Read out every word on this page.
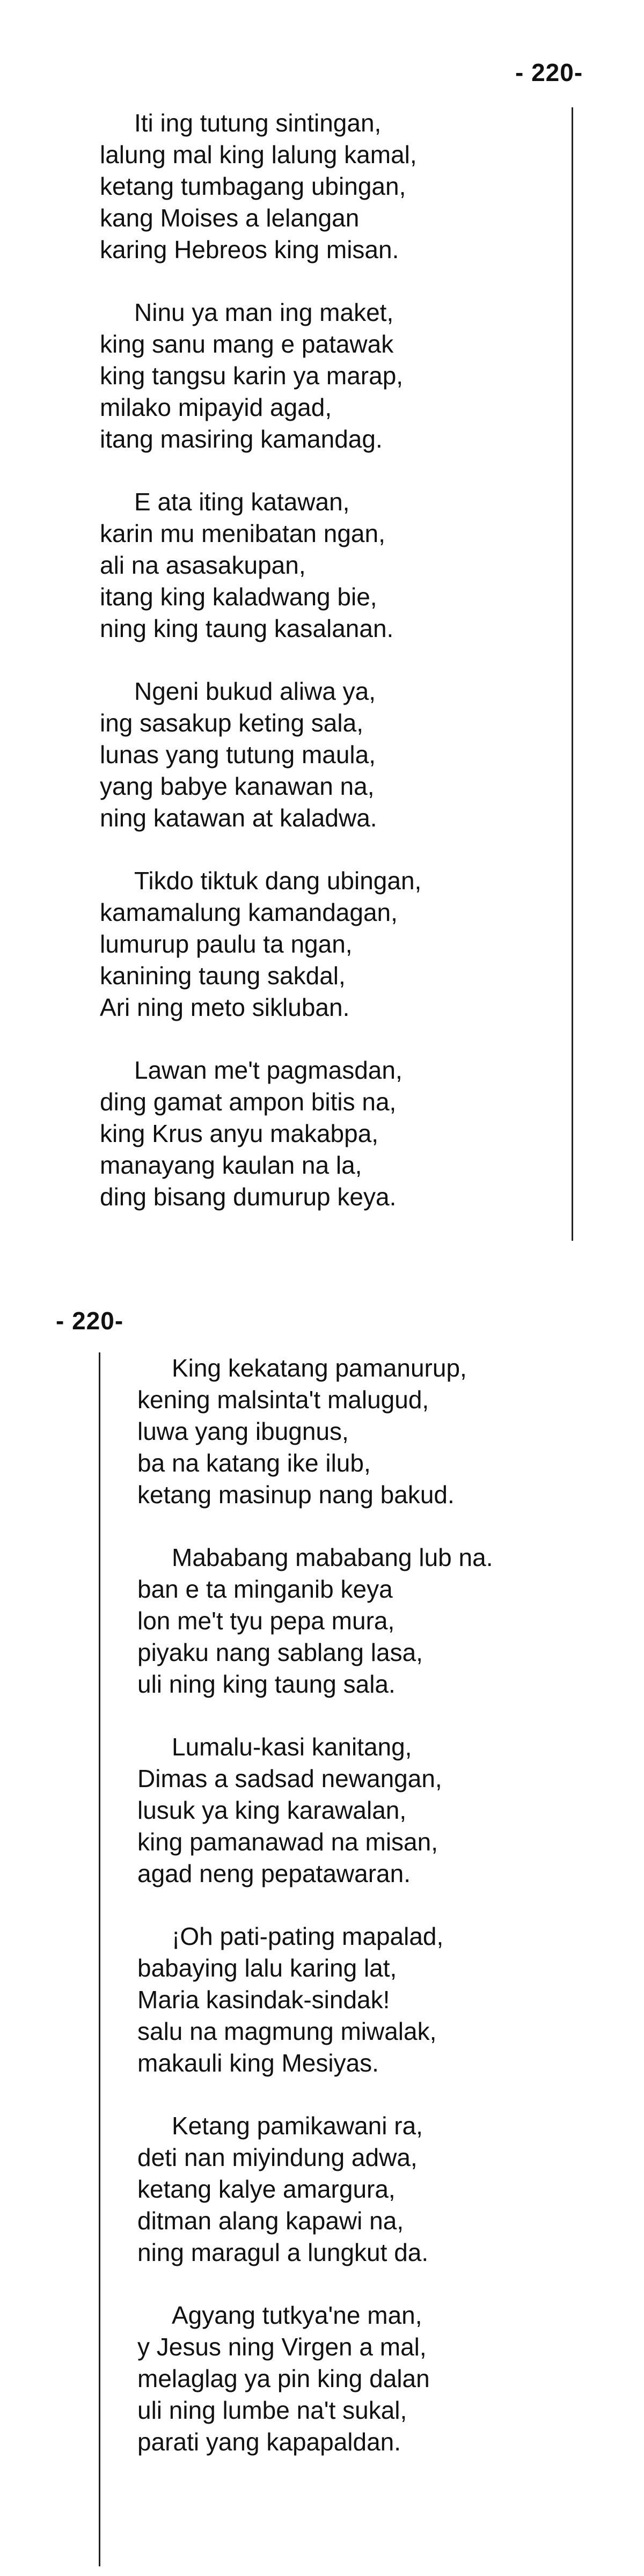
- 220-
Iti ing tutung sintingan,
lalung mal king lalung kamal,
ketang tumbagang ubingan,
kang Moises a lelangan
karing Hebreos king misan.
Ninu ya man ing maket,
king sanu mang e patawak
king tangsu karin ya marap,
milako mipayid agad,
itang masiring kamandag.
E ata iting katawan,
karin mu menibatan ngan,
ali na asasakupan,
itang king kaladwang bie,
ning king taung kasalanan.
Ngeni bukud aliwa ya,
ing sasakup keting sala,
lunas yang tutung maula,
yang babye kanawan na,
ning katawan at kaladwa.
Tikdo tiktuk dang ubingan,
kamamalung kamandagan,
lumurup paulu ta ngan,
kanining taung sakdal,
Ari ning meto sikluban.
Lawan me't pagmasdan,
ding gamat ampon bitis na,
king Krus anyu makabpa,
manayang kaulan na la,
ding bisang dumurup keya.
- 220-
King kekatang pamanurup,
kening malsinta't malugud,
luwa yang ibugnus,
ba na katang ike ilub,
ketang masinup nang bakud.
Mababang mababang lub na.
ban e ta minganib keya
lon me't tyu pepa mura,
piyaku nang sablang lasa,
uli ning king taung sala.
Lumalu-kasi kanitang,
Dimas a sadsad newangan,
lusuk ya king karawalan,
king pamanawad na misan,
agad neng pepatawaran.
¡Oh pati-pating mapalad,
babaying lalu karing lat,
Maria kasindak-sindak!
salu na magmung miwalak,
makauli king Mesiyas.
Ketang pamikawani ra,
deti nan miyindung adwa,
ketang kalye amargura,
ditman alang kapawi na,
ning maragul a lungkut da.
Agyang tutkya'ne man,
y Jesus ning Virgen a mal,
melaglag ya pin king dalan
uli ning lumbe na't sukal,
parati yang kapapaldan.
